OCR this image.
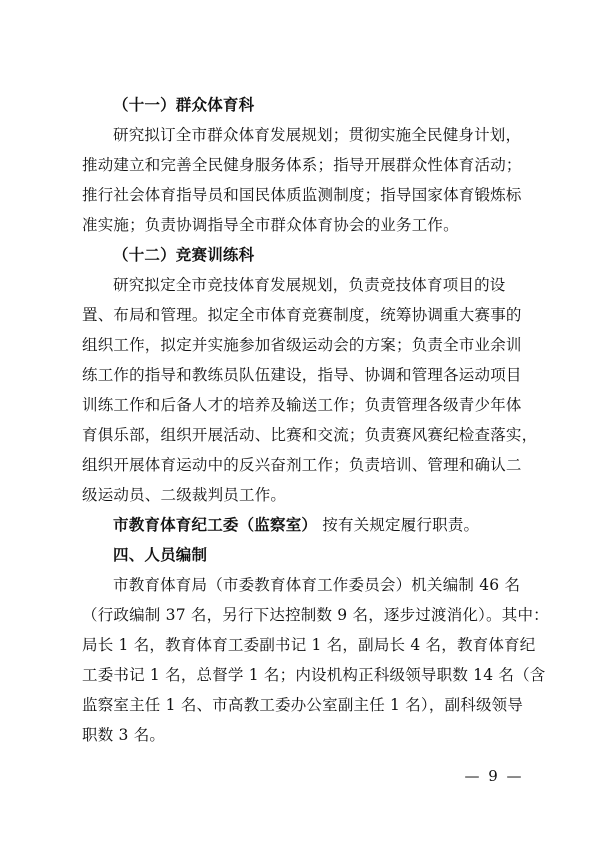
（十一）群众体育科
研究拟订全市群众体育发展规划；贯彻实施全民健身计划，
推动建立和完善全民健身服务体系；指导开展群众性体育活动；
推行社会体育指导员和国民体质监测制度；指导国家体育锻炼标
准实施；负责协调指导全市群众体育协会的业务工作。
（十二）竞赛训练科
研究拟定全市竞技体育发展规划，负责竞技体育项目的设
置、布局和管理。拟定全市体育竞赛制度，统筹协调重大赛事的
组织工作，拟定并实施参加省级运动会的方案；负责全市业余训
练工作的指导和教练员队伍建设，指导、协调和管理各运动项目
训练工作和后备人才的培养及输送工作；负责管理各级青少年体
育俱乐部，组织开展活动、比赛和交流；负责赛风赛纪检查落实，
组织开展体育运动中的反兴奋剂工作；负责培训、管理和确认二
级运动员、二级裁判员工作。
市教育体育纪工委（监察室） 按有关规定履行职责。
四、人员编制
市教育体育局（市委教育体育工作委员会）机关编制 46 名
（行政编制 37 名，另行下达控制数 9 名，逐步过渡消化）。其中：
局长 1 名，教育体育工委副书记 1 名，副局长 4 名，教育体育纪
工委书记 1 名，总督学 1 名；内设机构正科级领导职数 14 名（含
监察室主任 1 名、市高教工委办公室副主任 1 名），副科级领导
职数 3 名。
— 9 —
